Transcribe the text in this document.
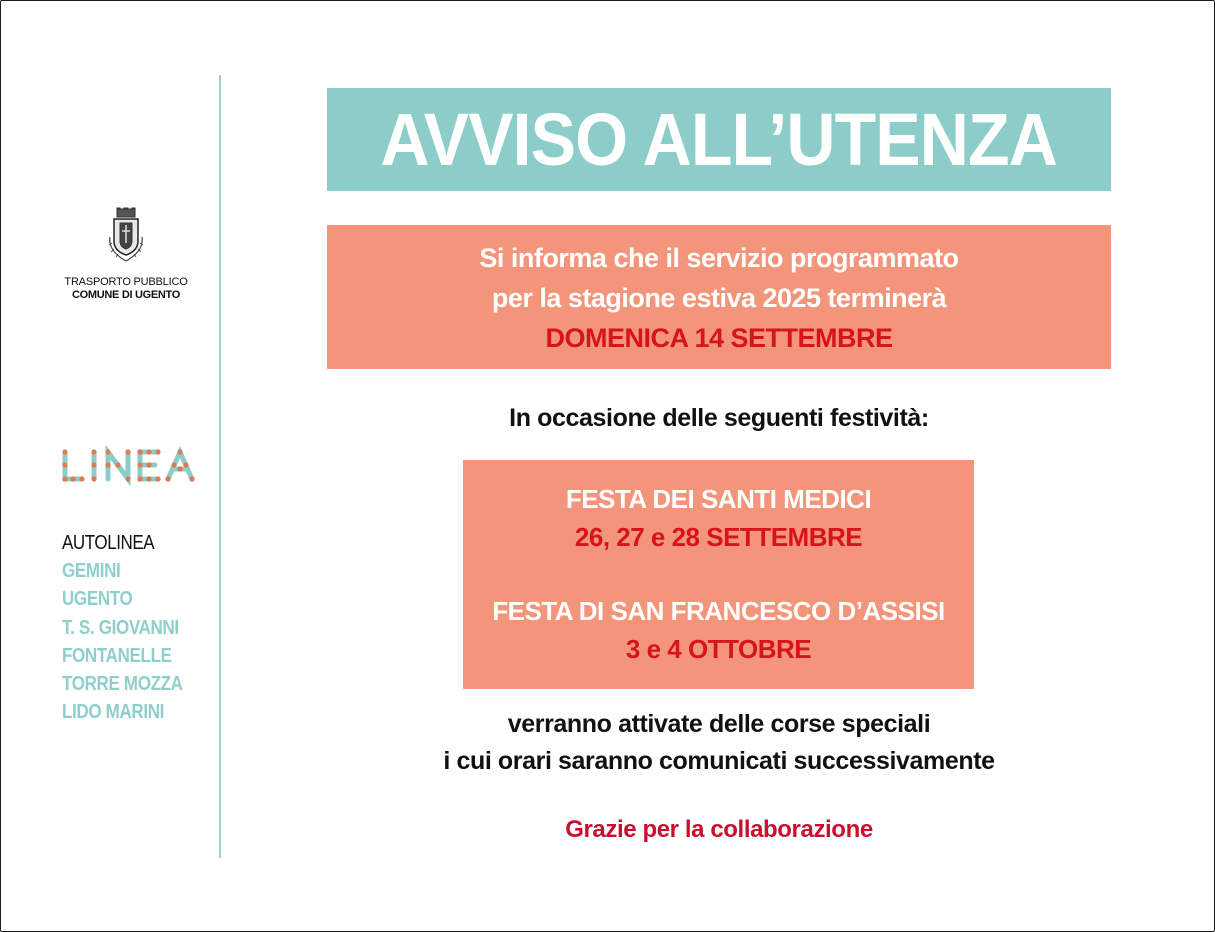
TRASPORTO PUBBLICO
COMUNE DI UGENTO
AUTOLINEA
GEMINI
UGENTO
T. S. GIOVANNI
FONTANELLE
TORRE MOZZA
LIDO MARINI
AVVISO ALL’UTENZA
Si informa che il servizio programmato
per la stagione estiva 2025 terminerà
DOMENICA 14 SETTEMBRE
In occasione delle seguenti festività:
FESTA DEI SANTI MEDICI
26, 27 e 28 SETTEMBRE
FESTA DI SAN FRANCESCO D’ASSISI
3 e 4 OTTOBRE
verranno attivate delle corse speciali
i cui orari saranno comunicati successivamente
Grazie per la collaborazione
